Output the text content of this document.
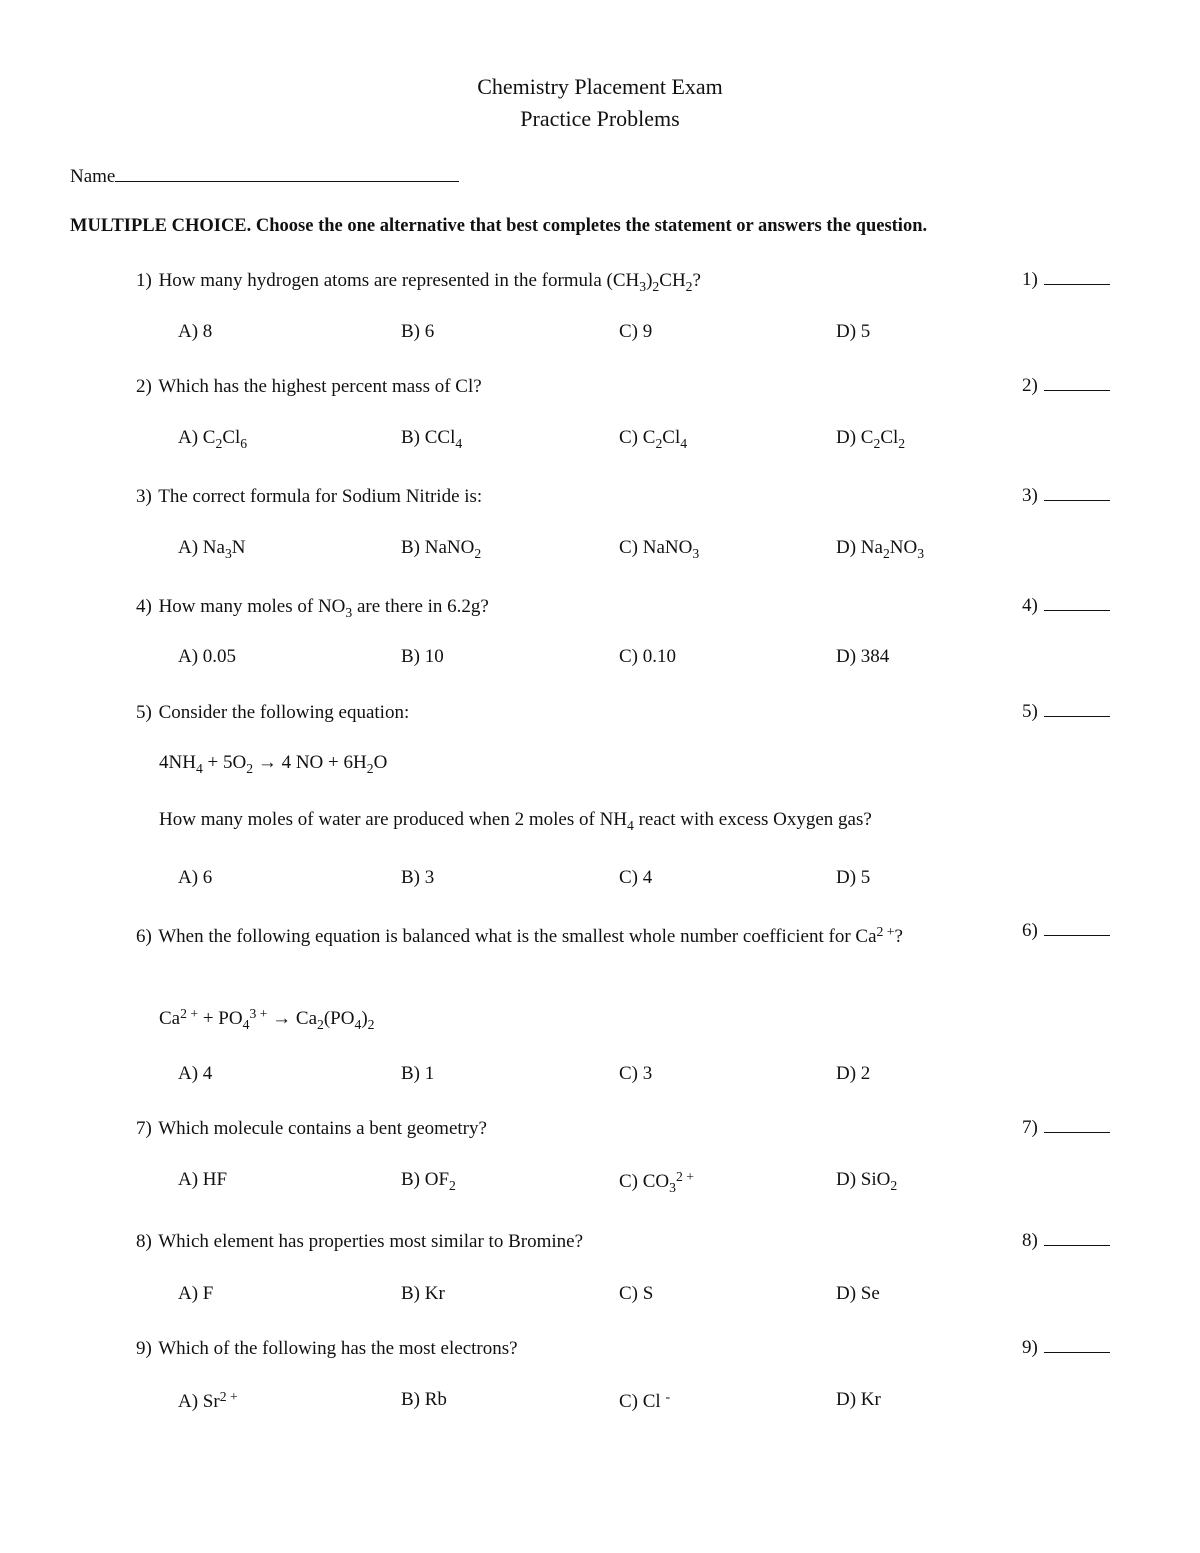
Chemistry Placement Exam
Practice Problems
Name
MULTIPLE CHOICE. Choose the one alternative that best completes the statement or answers the question.
1) How many hydrogen atoms are represented in the formula $(CH_3)_2CH_2$?	1)
A) 8	B) 6	C) 9	D) 5
2) Which has the highest percent mass of Cl?	2)
A) $C_2Cl_6$	B) CCl$_4$	C) $C_2Cl_4$	D) $C_2Cl_2$
3) The correct formula for Sodium Nitride is:	3)
A) $Na_3N$	B) NaNO$_2$	C) NaNO$_3$	D) $Na_2NO_3$
4) How many moles of $NO_3$ are there in 6.2g?	4)
A) 0.05	B) 10	C) 0.10	D) 384
5) Consider the following equation:	5)
$4NH_4 + 5O_2 \to 4$ NO + $6H_2O$
How many moles of water are produced when 2 moles of $NH_4$ react with excess Oxygen gas?
A) 6	B) 3	C) 4	D) 5
6) When the following equation is balanced what is the smallest whole number coefficient for $Ca^{2 +}$?	6)
$Ca^{2 +} + PO_4^{3 +} \to Ca_2(PO_4)_2$
A) 4	B) 1	C) 3	D) 2
7) Which molecule contains a bent geometry?	7)
A) HF	B) $OF_2$	C) $CO_3^{2 +}$	D) SiO$_2$
8) Which element has properties most similar to Bromine?	8)
A) F	B) Kr	C) S	D) Se
9) Which of the following has the most electrons?	9)
A) $Sr^{2 +}$	B) Rb	C) Cl -	D) Kr
